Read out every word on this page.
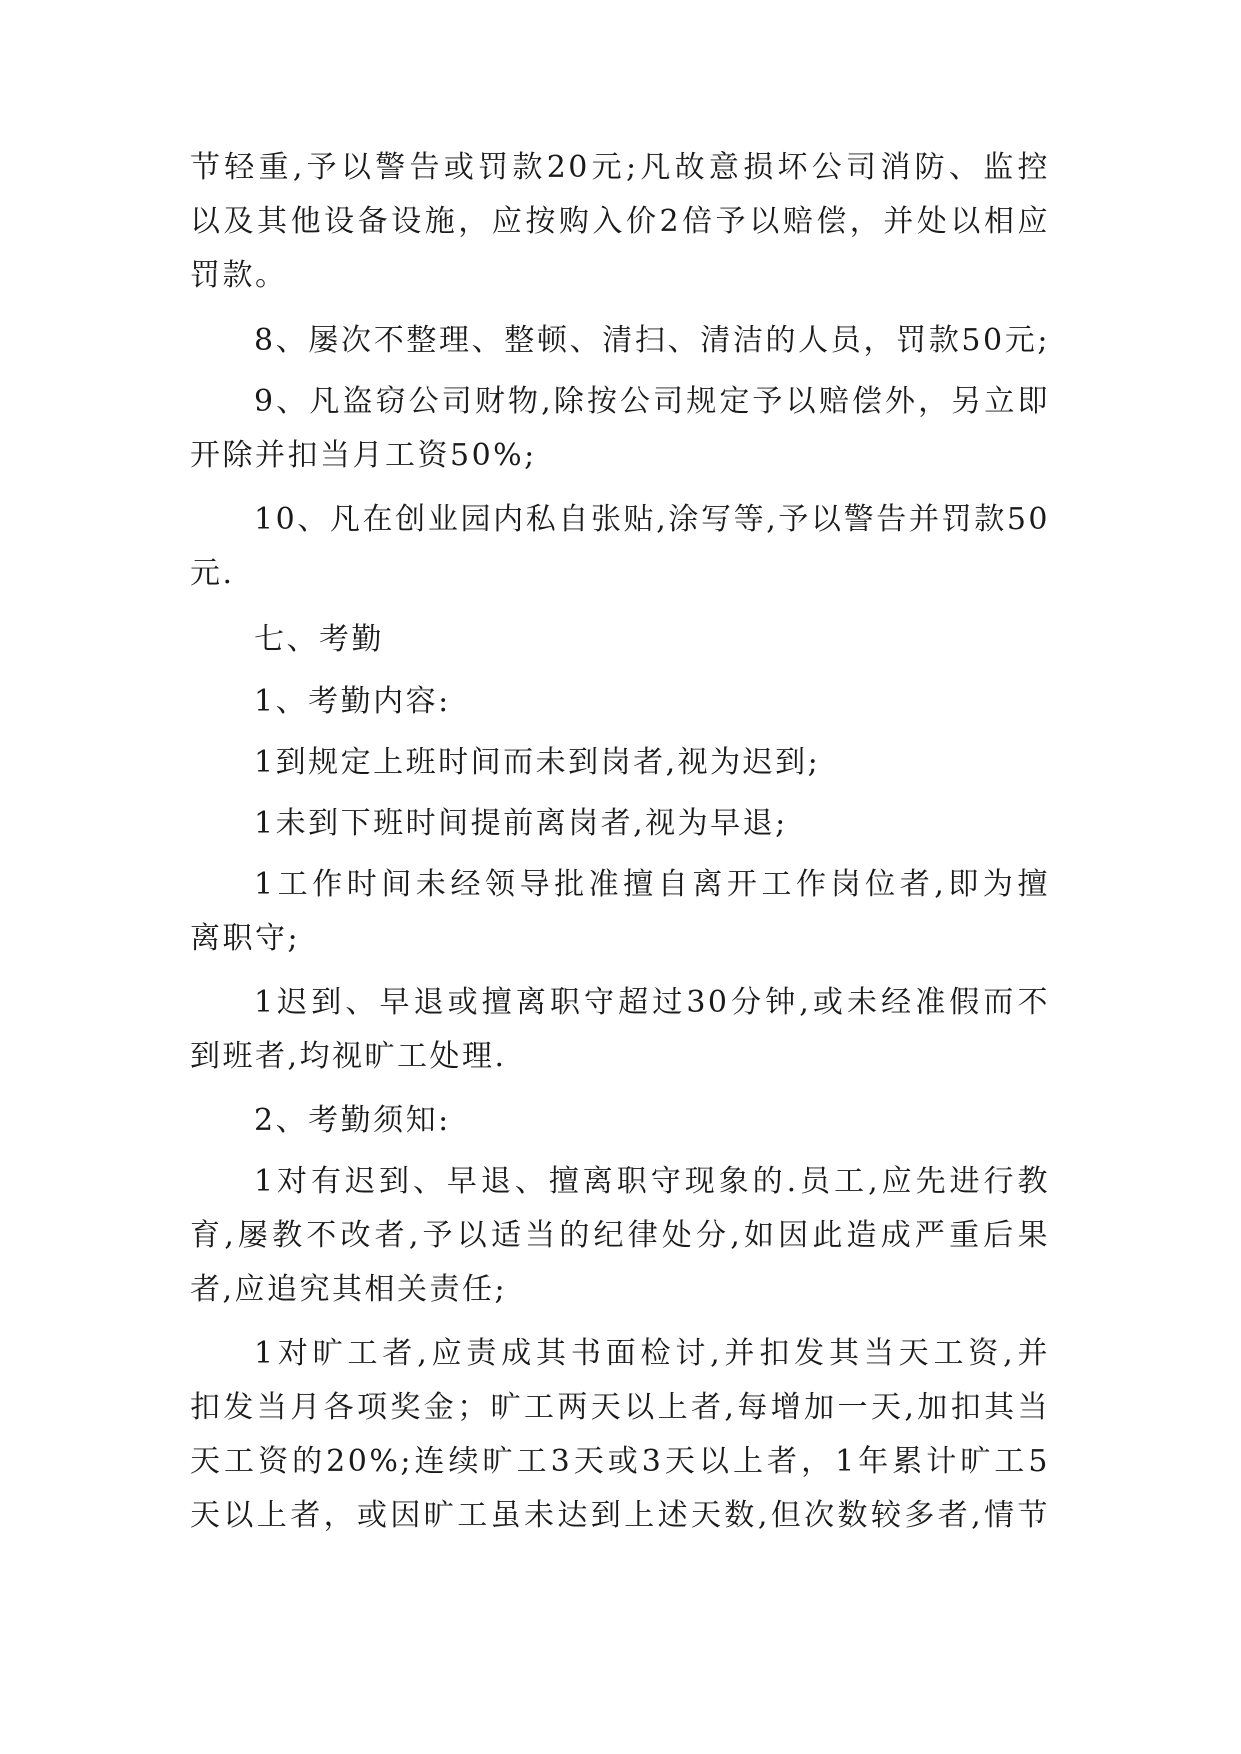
节轻重,予以警告或罚款20元;凡故意损坏公司消防、监控
以及其他设备设施，应按购入价2倍予以赔偿，并处以相应
罚款。
8、屡次不整理、整顿、清扫、清洁的人员，罚款50元;
9、凡盗窃公司财物,除按公司规定予以赔偿外，另立即
开除并扣当月工资50%;
10、凡在创业园内私自张贴,涂写等,予以警告并罚款50
元.
七、考勤
1、考勤内容:
1到规定上班时间而未到岗者,视为迟到;
1未到下班时间提前离岗者,视为早退;
1工作时间未经领导批准擅自离开工作岗位者,即为擅
离职守;
1迟到、早退或擅离职守超过30分钟,或未经准假而不
到班者,均视旷工处理.
2、考勤须知:
1对有迟到、早退、擅离职守现象的.员工,应先进行教
育,屡教不改者,予以适当的纪律处分,如因此造成严重后果
者,应追究其相关责任;
1对旷工者,应责成其书面检讨,并扣发其当天工资,并
扣发当月各项奖金；旷工两天以上者,每增加一天,加扣其当
天工资的20%;连续旷工3天或3天以上者，1年累计旷工5
天以上者，或因旷工虽未达到上述天数,但次数较多者,情节
